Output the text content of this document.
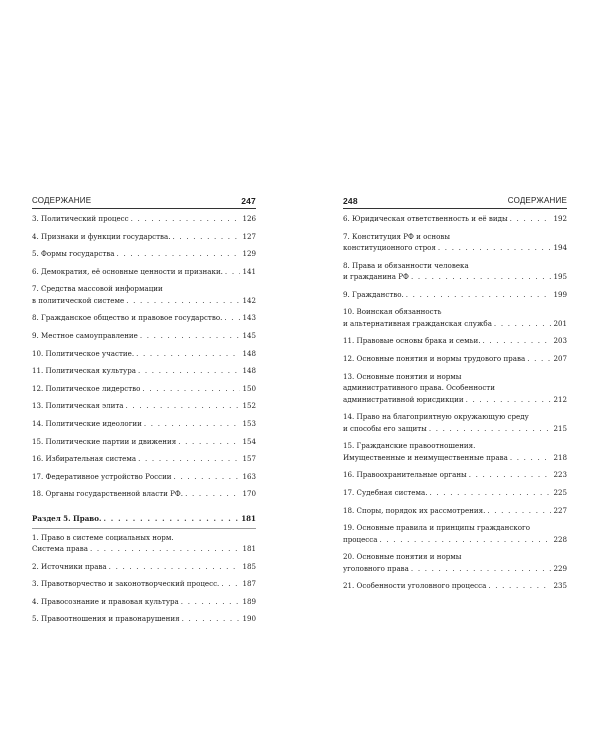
СОДЕРЖАНИЕ	247
3. Политический процесс . . .	126
4. Признаки и функции государства. . . .	127
5. Формы государства . . .	129
6. Демократия, её основные ценности и признаки. . . .	141
7. Средства массовой информации
в политической системе . . .	142
8. Гражданское общество и правовое государство. . . .	143
9. Местное самоуправление . . .	145
10. Политическое участие. . . .	148
11. Политическая культура . . .	148
12. Политическое лидерство . . .	150
13. Политическая элита . . .	152
14. Политические идеологии . . .	153
15. Политические партии и движения . . .	154
16. Избирательная система . . .	157
17. Федеративное устройство России . . .	163
18. Органы государственной власти РФ. . . .	170
Раздел 5. Право. . . .	181
1. Право в системе социальных норм.
Система права . . .	181
2. Источники права . . .	185
3. Правотворчество и законотворческий процесс. . . .	187
4. Правосознание и правовая культура . . .	189
5. Правоотношения и правонарушения . . .	190
248	СОДЕРЖАНИЕ
6. Юридическая ответственность и её виды . . .	192
7. Конституция РФ и основы
конституционного строя . . .	194
8. Права и обязанности человека
и гражданина РФ . . .	195
9. Гражданство. . . .	199
10. Воинская обязанность
и альтернативная гражданская служба . . .	201
11. Правовые основы брака и семьи. . . .	203
12. Основные понятия и нормы трудового права . . .	207
13. Основные понятия и нормы
административного права. Особенности
административной юрисдикции . . .	212
14. Право на благоприятную окружающую среду
и способы его защиты . . .	215
15. Гражданские правоотношения.
Имущественные и неимущественные права . . .	218
16. Правоохранительные органы . . .	223
17. Судебная система. . . .	225
18. Споры, порядок их рассмотрения. . . .	227
19. Основные правила и принципы гражданского
процесса . . .	228
20. Основные понятия и нормы
уголовного права . . .	229
21. Особенности уголовного процесса . . .	235
